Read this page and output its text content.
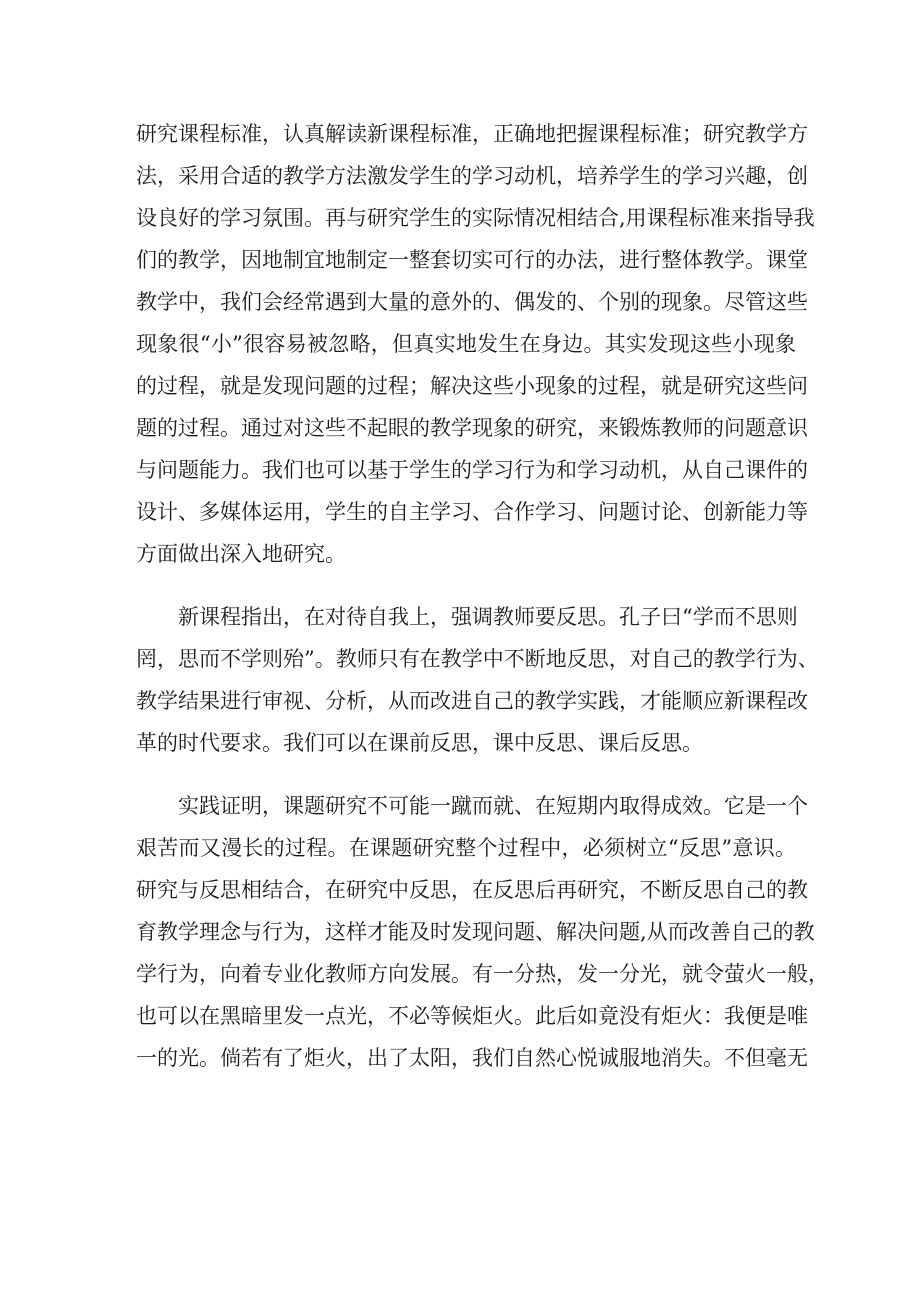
研究课程标准，认真解读新课程标准，正确地把握课程标准；研究教学方
法，采用合适的教学方法激发学生的学习动机，培养学生的学习兴趣，创
设良好的学习氛围。再与研究学生的实际情况相结合,用课程标准来指导我
们的教学，因地制宜地制定一整套切实可行的办法，进行整体教学。课堂
教学中，我们会经常遇到大量的意外的、偶发的、个别的现象。尽管这些
现象很“小”很容易被忽略，但真实地发生在身边。其实发现这些小现象
的过程，就是发现问题的过程；解决这些小现象的过程，就是研究这些问
题的过程。通过对这些不起眼的教学现象的研究，来锻炼教师的问题意识
与问题能力。我们也可以基于学生的学习行为和学习动机，从自己课件的
设计、多媒体运用，学生的自主学习、合作学习、问题讨论、创新能力等
方面做出深入地研究。
新课程指出，在对待自我上，强调教师要反思。孔子曰“学而不思则
罔，思而不学则殆”。教师只有在教学中不断地反思，对自己的教学行为、
教学结果进行审视、分析，从而改进自己的教学实践，才能顺应新课程改
革的时代要求。我们可以在课前反思，课中反思、课后反思。
实践证明，课题研究不可能一蹴而就、在短期内取得成效。它是一个
艰苦而又漫长的过程。在课题研究整个过程中，必须树立“反思”意识。
研究与反思相结合，在研究中反思，在反思后再研究，不断反思自己的教
育教学理念与行为，这样才能及时发现问题、解决问题,从而改善自己的教
学行为，向着专业化教师方向发展。有一分热，发一分光，就令萤火一般，
也可以在黑暗里发一点光，不必等候炬火。此后如竟没有炬火：我便是唯
一的光。倘若有了炬火，出了太阳，我们自然心悦诚服地消失。不但毫无
